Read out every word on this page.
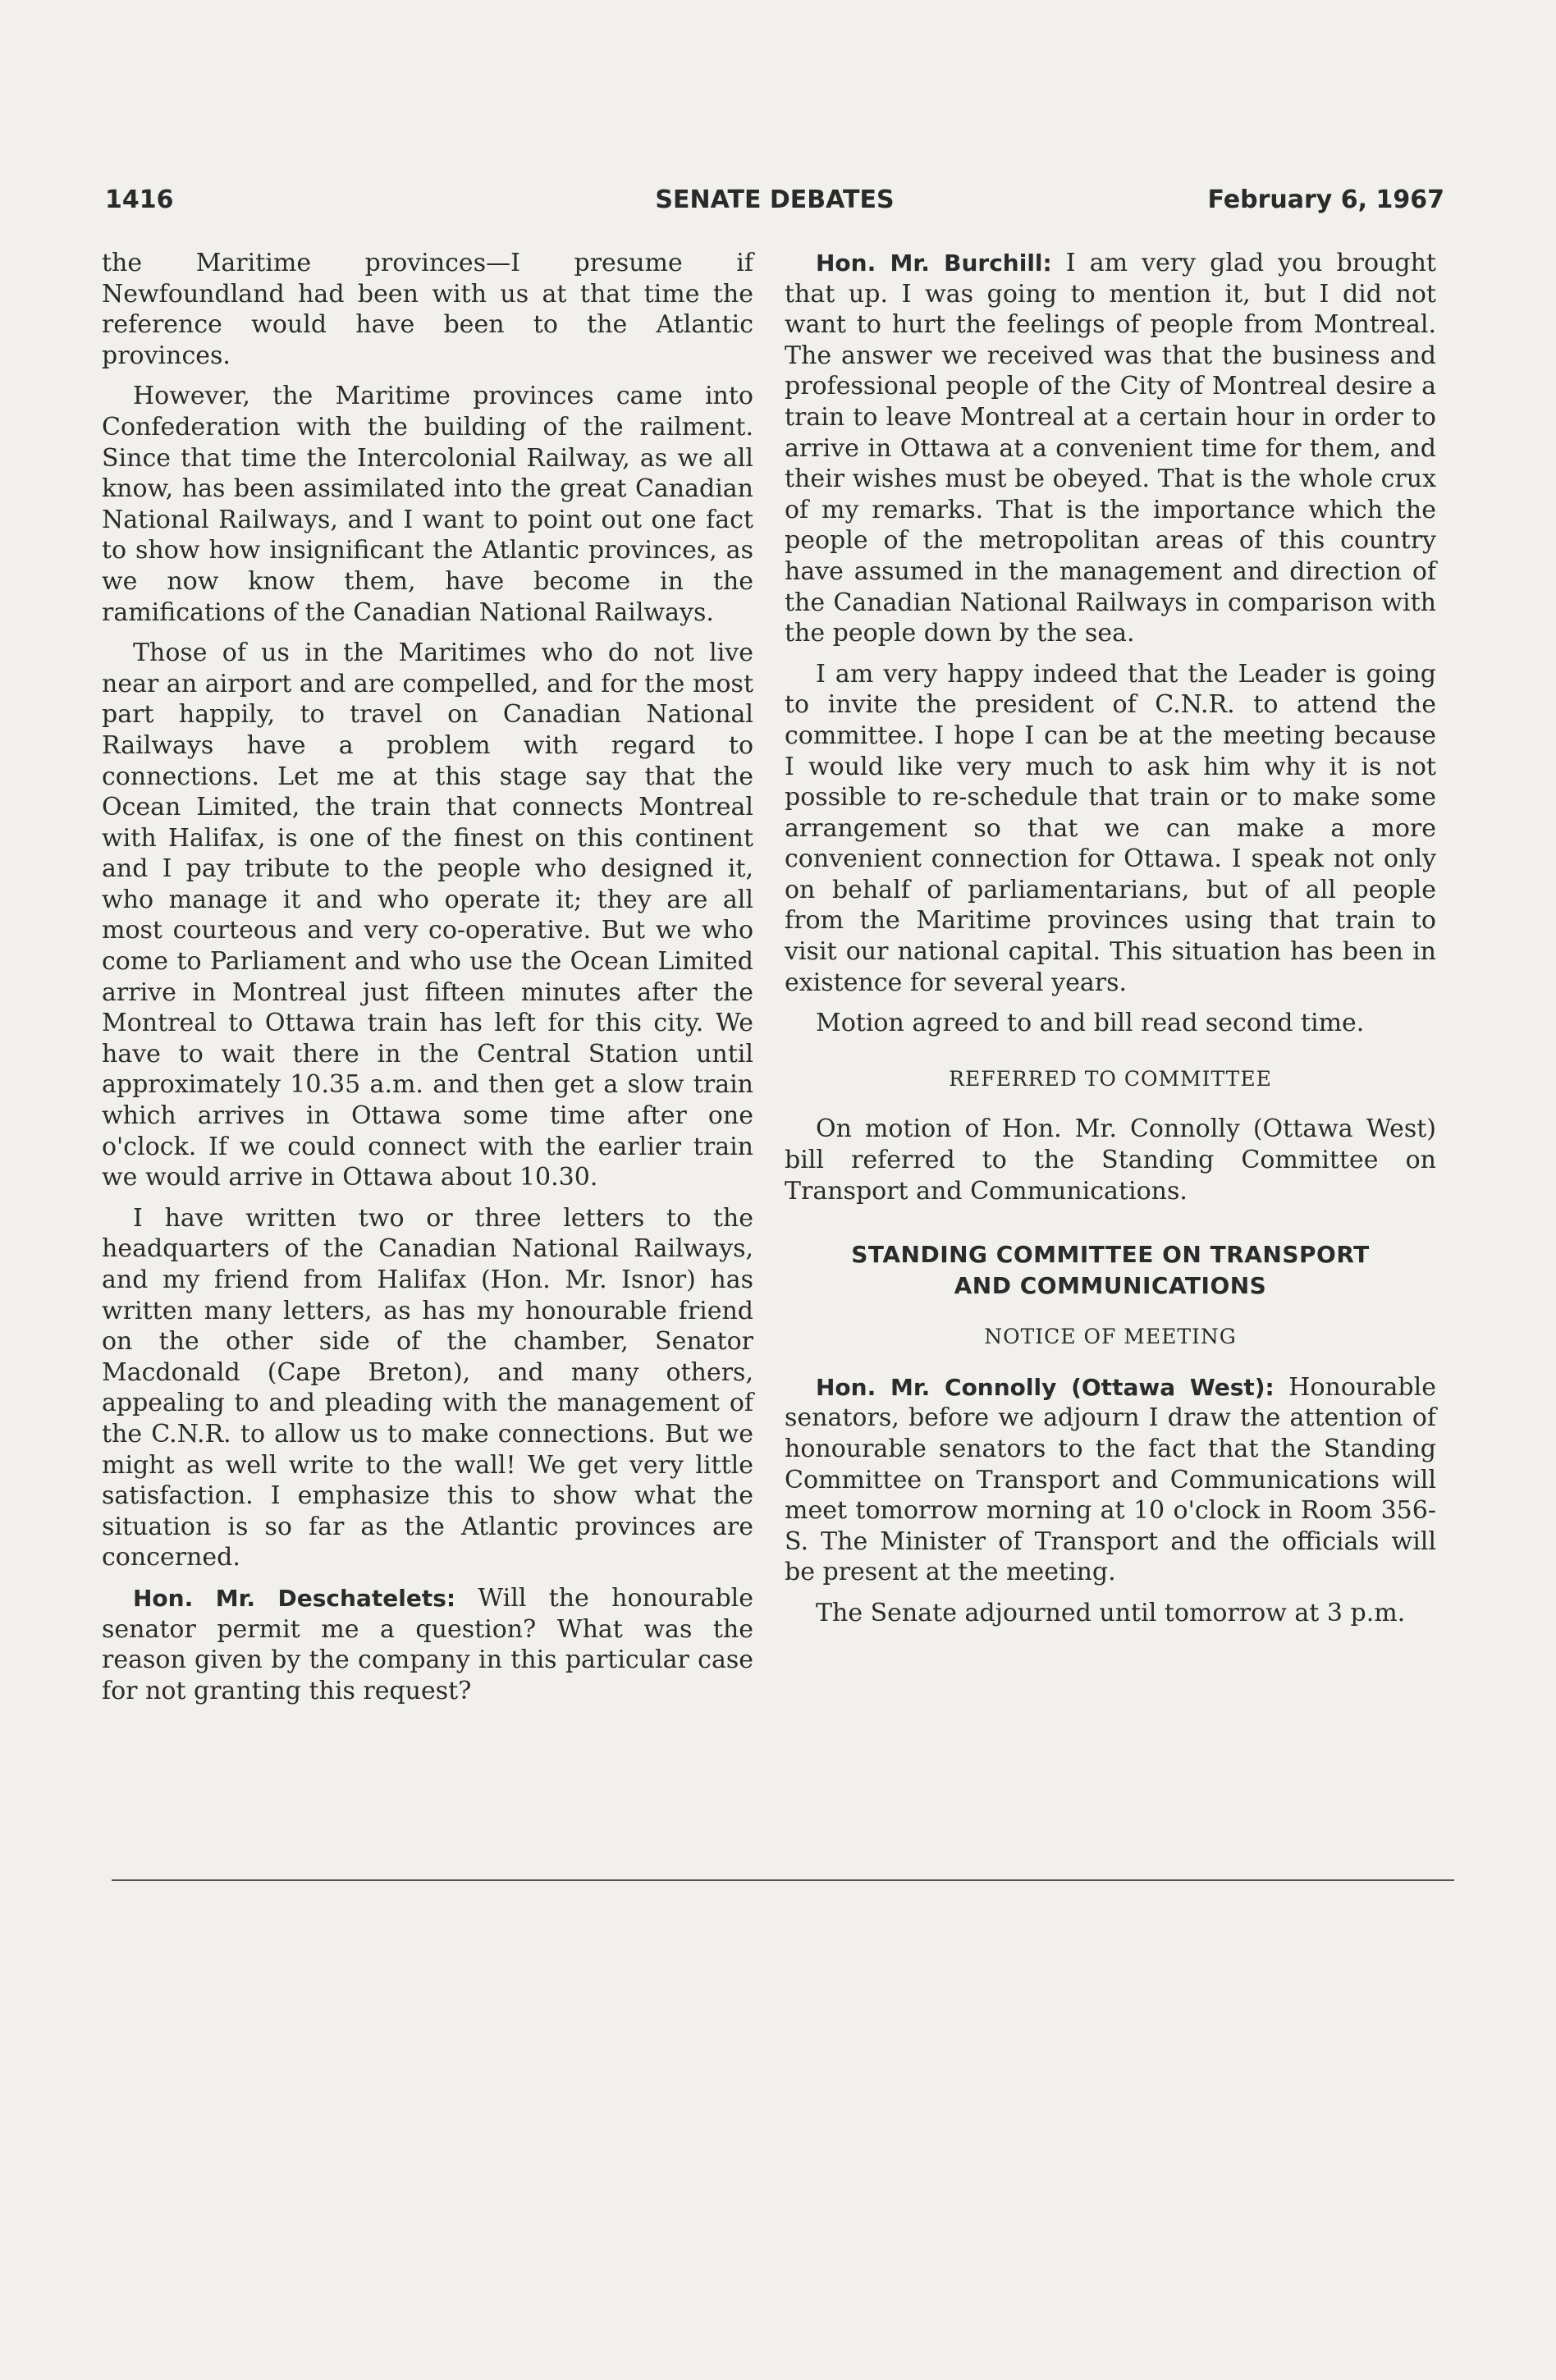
1416	SENATE DEBATES	February 6, 1967

the Maritime provinces—I presume if Newfoundland had been with us at that time the reference would have been to the Atlantic provinces.

However, the Maritime provinces came into Confederation with the building of the railment. Since that time the Intercolonial Railway, as we all know, has been assimilated into the great Canadian National Railways, and I want to point out one fact to show how insignificant the Atlantic provinces, as we now know them, have become in the ramifications of the Canadian National Railways.

Those of us in the Maritimes who do not live near an airport and are compelled, and for the most part happily, to travel on Canadian National Railways have a problem with regard to connections. Let me at this stage say that the Ocean Limited, the train that connects Montreal with Halifax, is one of the finest on this continent and I pay tribute to the people who designed it, who manage it and who operate it; they are all most courteous and very co-operative. But we who come to Parliament and who use the Ocean Limited arrive in Montreal just fifteen minutes after the Montreal to Ottawa train has left for this city. We have to wait there in the Central Station until approximately 10.35 a.m. and then get a slow train which arrives in Ottawa some time after one o'clock. If we could connect with the earlier train we would arrive in Ottawa about 10.30.

I have written two or three letters to the headquarters of the Canadian National Railways, and my friend from Halifax (Hon. Mr. Isnor) has written many letters, as has my honourable friend on the other side of the chamber, Senator Macdonald (Cape Breton), and many others, appealing to and pleading with the management of the C.N.R. to allow us to make connections. But we might as well write to the wall! We get very little satisfaction. I emphasize this to show what the situation is so far as the Atlantic provinces are concerned.

Hon. Mr. Deschatelets: Will the honourable senator permit me a question? What was the reason given by the company in this particular case for not granting this request?

Hon. Mr. Burchill: I am very glad you brought that up. I was going to mention it, but I did not want to hurt the feelings of people from Montreal. The answer we received was that the business and professional people of the City of Montreal desire a train to leave Montreal at a certain hour in order to arrive in Ottawa at a convenient time for them, and their wishes must be obeyed. That is the whole crux of my remarks. That is the importance which the people of the metropolitan areas of this country have assumed in the management and direction of the Canadian National Railways in comparison with the people down by the sea.

I am very happy indeed that the Leader is going to invite the president of C.N.R. to attend the committee. I hope I can be at the meeting because I would like very much to ask him why it is not possible to re-schedule that train or to make some arrangement so that we can make a more convenient connection for Ottawa. I speak not only on behalf of parliamentarians, but of all people from the Maritime provinces using that train to visit our national capital. This situation has been in existence for several years.

Motion agreed to and bill read second time.

REFERRED TO COMMITTEE

On motion of Hon. Mr. Connolly (Ottawa West) bill referred to the Standing Committee on Transport and Communications.

STANDING COMMITTEE ON TRANSPORT
AND COMMUNICATIONS
NOTICE OF MEETING

Hon. Mr. Connolly (Ottawa West): Honourable senators, before we adjourn I draw the attention of honourable senators to the fact that the Standing Committee on Transport and Communications will meet tomorrow morning at 10 o'clock in Room 356-S. The Minister of Transport and the officials will be present at the meeting.

The Senate adjourned until tomorrow at 3 p.m.
